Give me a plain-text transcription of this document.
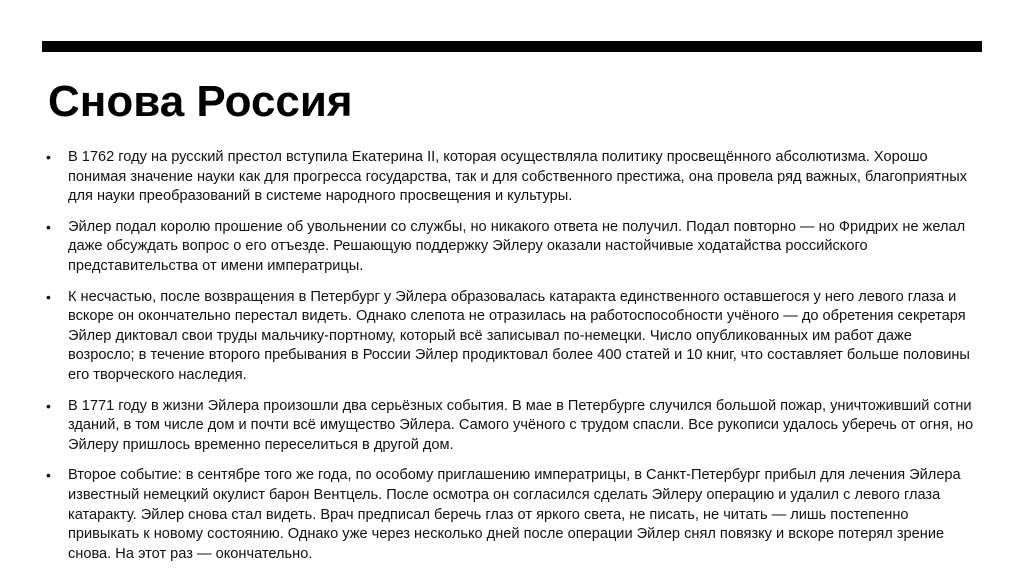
Снова Россия
• В 1762 году на русский престол вступила Екатерина II, которая осуществляла политику просвещённого абсолютизма. Хорошо понимая значение науки как для прогресса государства, так и для собственного престижа, она провела ряд важных, благоприятных для науки преобразований в системе народного просвещения и культуры.
• Эйлер подал королю прошение об увольнении со службы, но никакого ответа не получил. Подал повторно — но Фридрих не желал даже обсуждать вопрос о его отъезде. Решающую поддержку Эйлеру оказали настойчивые ходатайства российского представительства от имени императрицы.
• К несчастью, после возвращения в Петербург у Эйлера образовалась катаракта единственного оставшегося у него левого глаза и вскоре он окончательно перестал видеть. Однако слепота не отразилась на работоспособности учёного — до обретения секретаря Эйлер диктовал свои труды мальчику-портному, который всё записывал по-немецки. Число опубликованных им работ даже возросло; в течение второго пребывания в России Эйлер продиктовал более 400 статей и 10 книг, что составляет больше половины его творческого наследия.
• В 1771 году в жизни Эйлера произошли два серьёзных события. В мае в Петербурге случился большой пожар, уничтоживший сотни зданий, в том числе дом и почти всё имущество Эйлера. Самого учёного с трудом спасли. Все рукописи удалось уберечь от огня, но Эйлеру пришлось временно переселиться в другой дом.
• Второе событие: в сентябре того же года, по особому приглашению императрицы, в Санкт-Петербург прибыл для лечения Эйлера известный немецкий окулист барон Вентцель. После осмотра он согласился сделать Эйлеру операцию и удалил с левого глаза катаракту. Эйлер снова стал видеть. Врач предписал беречь глаз от яркого света, не писать, не читать — лишь постепенно привыкать к новому состоянию. Однако уже через несколько дней после операции Эйлер снял повязку и вскоре потерял зрение снова. На этот раз — окончательно.
